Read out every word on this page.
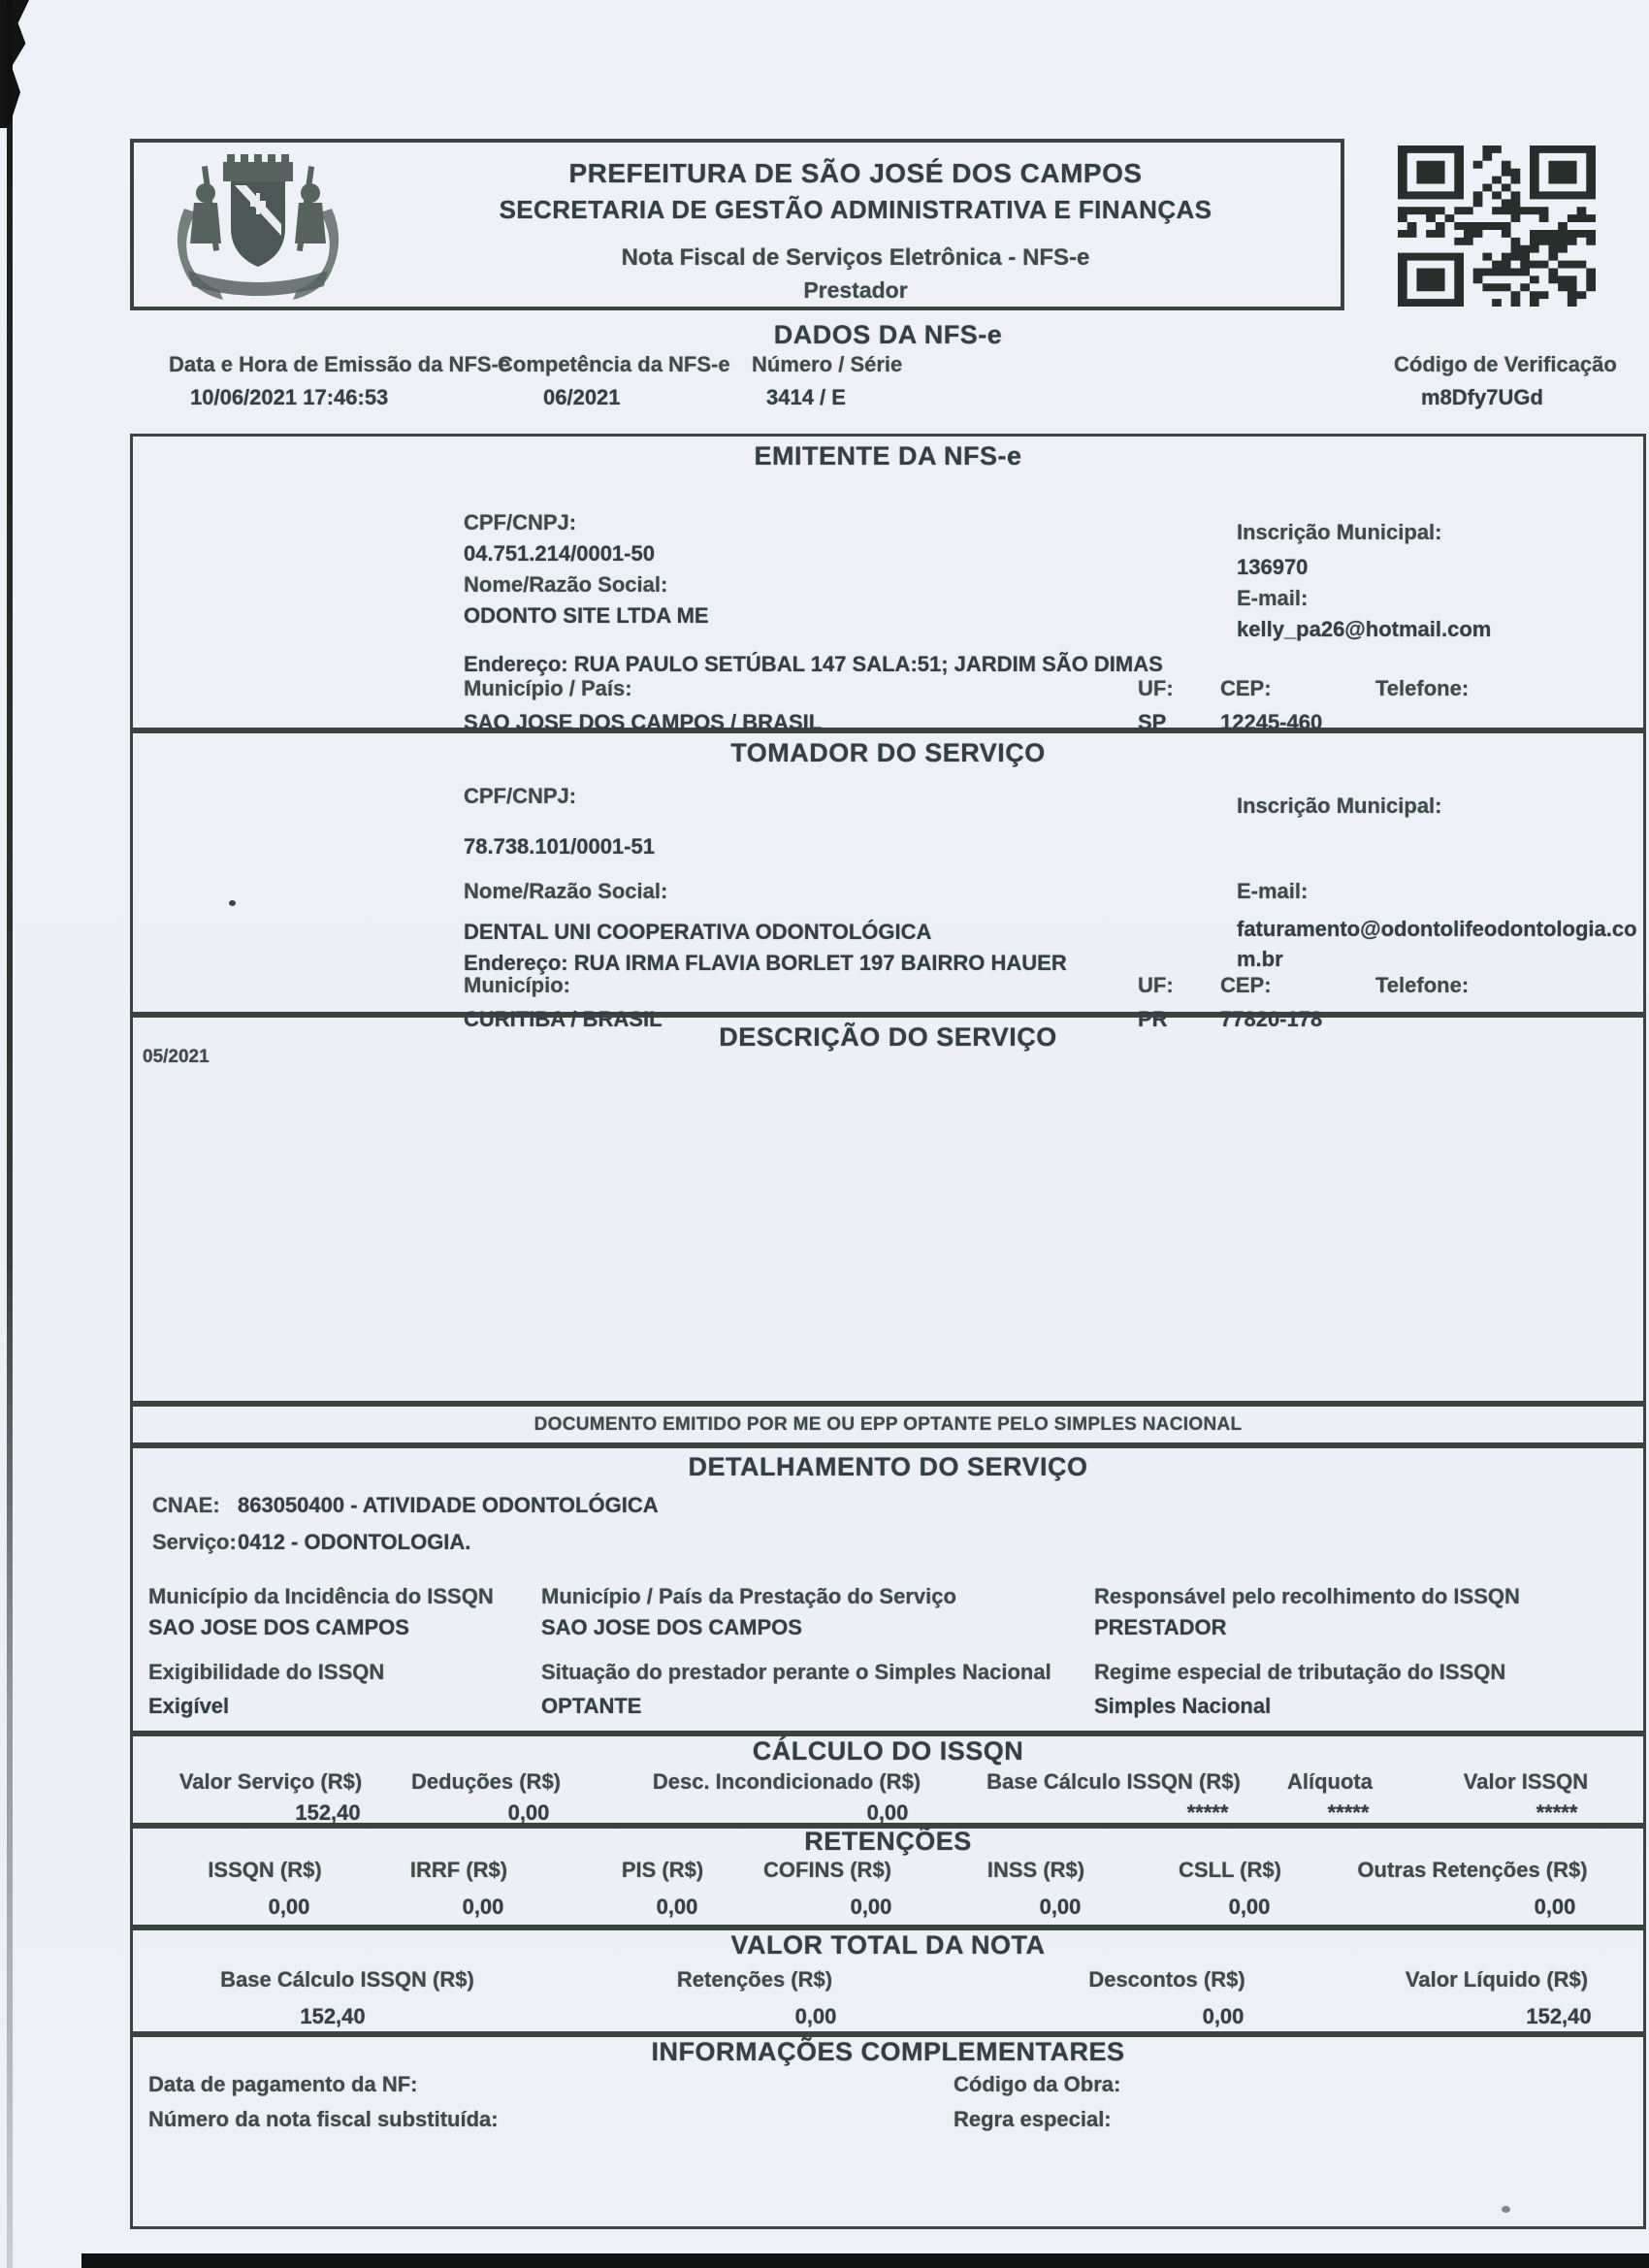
PREFEITURA DE SÃO JOSÉ DOS CAMPOS
SECRETARIA DE GESTÃO ADMINISTRATIVA E FINANÇAS
Nota Fiscal de Serviços Eletrônica - NFS-e
Prestador
DADOS DA NFS-e
Data e Hora de Emissão da NFS-e
10/06/2021 17:46:53
Competência da NFS-e
06/2021
Número / Série
3414 / E
Código de Verificação
m8Dfy7UGd
EMITENTE DA NFS-e
CPF/CNPJ:
04.751.214/0001-50
Nome/Razão Social:
ODONTO SITE LTDA ME
Endereço: RUA PAULO SETÚBAL 147 SALA:51; JARDIM SÃO DIMAS
Inscrição Municipal:
136970
E-mail:
kelly_pa26@hotmail.com
Município / País:
SAO JOSE DOS CAMPOS / BRASIL
UF:
SP
CEP:
12245-460
Telefone:
TOMADOR DO SERVIÇO
CPF/CNPJ:
78.738.101/0001-51
Nome/Razão Social:
DENTAL UNI COOPERATIVA ODONTOLÓGICA
Endereço: RUA IRMA FLAVIA BORLET 197 BAIRRO HAUER
Inscrição Municipal:
E-mail:
faturamento@odontolifeodontologia.com.br
Município:
CURITIBA / BRASIL
UF:
PR
CEP:
77820-178
Telefone:
DESCRIÇÃO DO SERVIÇO
05/2021
DOCUMENTO EMITIDO POR ME OU EPP OPTANTE PELO SIMPLES NACIONAL
DETALHAMENTO DO SERVIÇO
CNAE: 863050400 - ATIVIDADE ODONTOLÓGICA
Serviço: 0412 - ODONTOLOGIA.
Município da Incidência do ISSQN
SAO JOSE DOS CAMPOS
Município / País da Prestação do Serviço
SAO JOSE DOS CAMPOS
Responsável pelo recolhimento do ISSQN
PRESTADOR
Exigibilidade do ISSQN
Exigível
Situação do prestador perante o Simples Nacional
OPTANTE
Regime especial de tributação do ISSQN
Simples Nacional
CÁLCULO DO ISSQN
Valor Serviço (R$)
152,40
Deduções (R$)
0,00
Desc. Incondicionado (R$)
0,00
Base Cálculo ISSQN (R$)
*****
Alíquota
*****
Valor ISSQN
*****
RETENÇÕES
ISSQN (R$)
0,00
IRRF (R$)
0,00
PIS (R$)
0,00
COFINS (R$)
0,00
INSS (R$)
0,00
CSLL (R$)
0,00
Outras Retenções (R$)
0,00
VALOR TOTAL DA NOTA
Base Cálculo ISSQN (R$)
152,40
Retenções (R$)
0,00
Descontos (R$)
0,00
Valor Líquido (R$)
152,40
INFORMAÇÕES COMPLEMENTARES
Data de pagamento da NF:
Número da nota fiscal substituída:
Código da Obra:
Regra especial:
